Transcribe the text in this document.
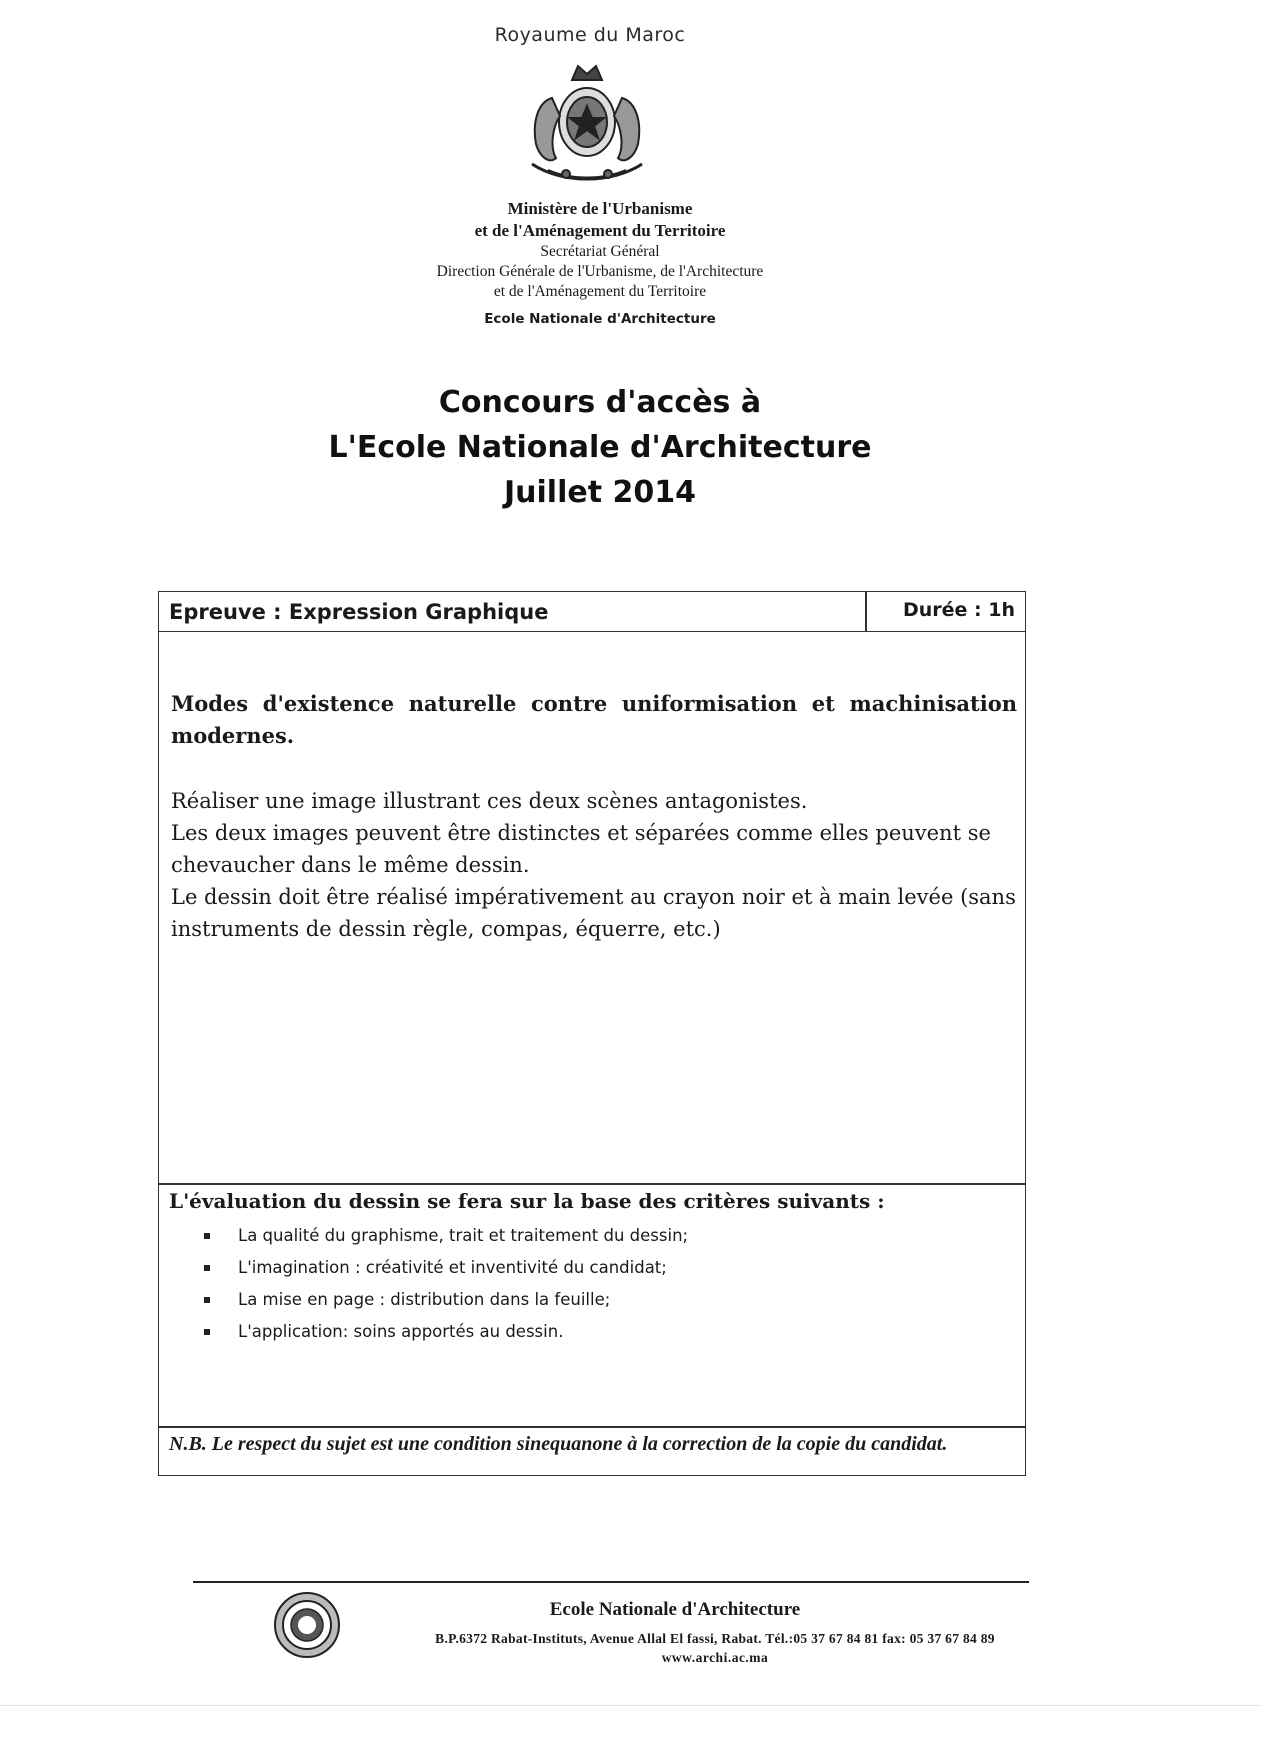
Royaume du Maroc
Ministère de l'Urbanisme
et de l'Aménagement du Territoire
Secrétariat Général
Direction Générale de l'Urbanisme, de l'Architecture
et de l'Aménagement du Territoire
Ecole Nationale d'Architecture
Concours d'accès à
L'Ecole Nationale d'Architecture
Juillet 2014
Epreuve : Expression Graphique	Durée : 1h
Modes d'existence naturelle contre uniformisation et machinisation modernes.

Réaliser une image illustrant ces deux scènes antagonistes.

Les deux images peuvent être distinctes et séparées comme elles peuvent se chevaucher dans le même dessin.

Le dessin doit être réalisé impérativement au crayon noir et à main levée (sans instruments de dessin règle, compas, équerre, etc.)

L'évaluation du dessin se fera sur la base des critères suivants :
La qualité du graphisme, trait et traitement du dessin;
L'imagination : créativité et inventivité du candidat;
La mise en page : distribution dans la feuille;
L'application: soins apportés au dessin.
N.B. Le respect du sujet est une condition sinequanone à la correction de la copie du candidat.
Ecole Nationale d'Architecture
B.P.6372 Rabat-Instituts, Avenue Allal El fassi, Rabat. Tél.:05 37 67 84 81 fax: 05 37 67 84 89
www.archi.ac.ma
